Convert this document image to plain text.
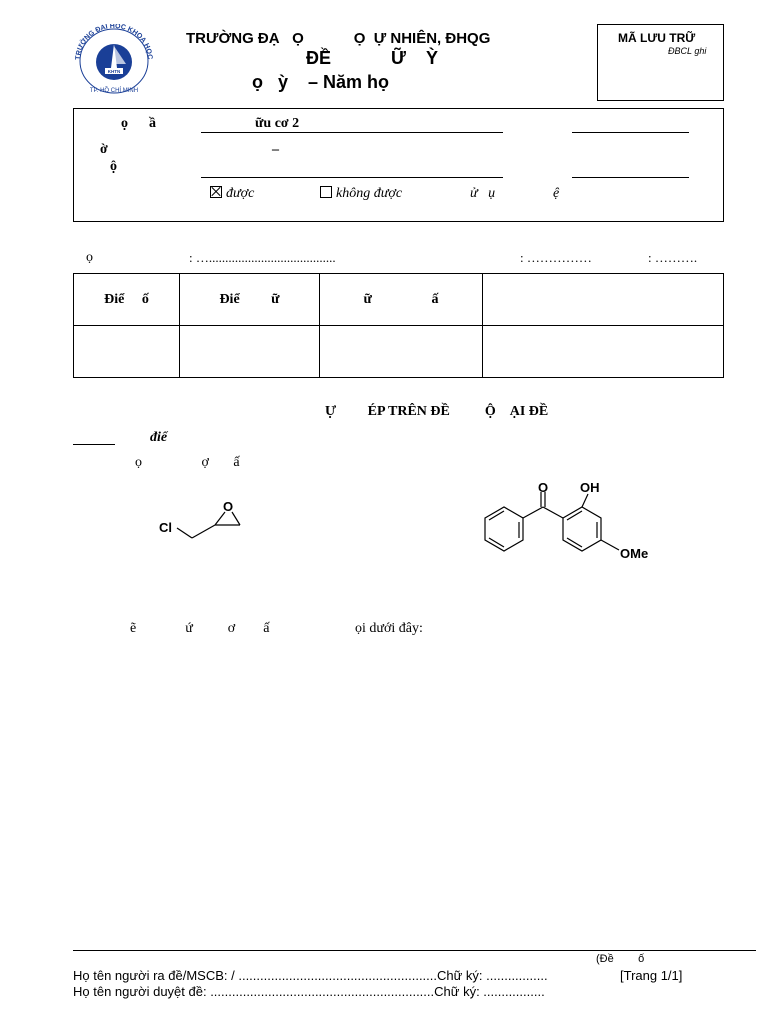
TRƯỜNG ĐẠI HỌC KHOA HỌC
KHTN
TP. HỒ CHÍ MINH
TRƯỜNG ĐẠ   Ọ            Ọ  Ự NHIÊN, ĐHQG
ĐỀ            Ữ    Ỳ
ọ   ỳ    – Năm họ
MÃ LƯU TRỮ
ĐBCL ghi
ọ      ầ	ữu cơ 2
ờ	–
ộ
được	không được	ử   ụ	ệ
ọ	: ….......................................	: ……………	: ……….
Điể     ố	Điể         ữ	ữ                 ấ	

Ự         ÉP TRÊN ĐỀ          Ộ    ẠI ĐỀ
điể
ọ                 ợ       ấ
Cl
O
O OH
OMe
ẽ              ứ          ơ        ấ	ọi dưới đây:
(Đề        ố
Họ tên người ra đề/MSCB: / .......................................................Chữ ký: .................	[Trang 1/1]
Họ tên người duyệt đề: ..............................................................Chữ ký: .................
